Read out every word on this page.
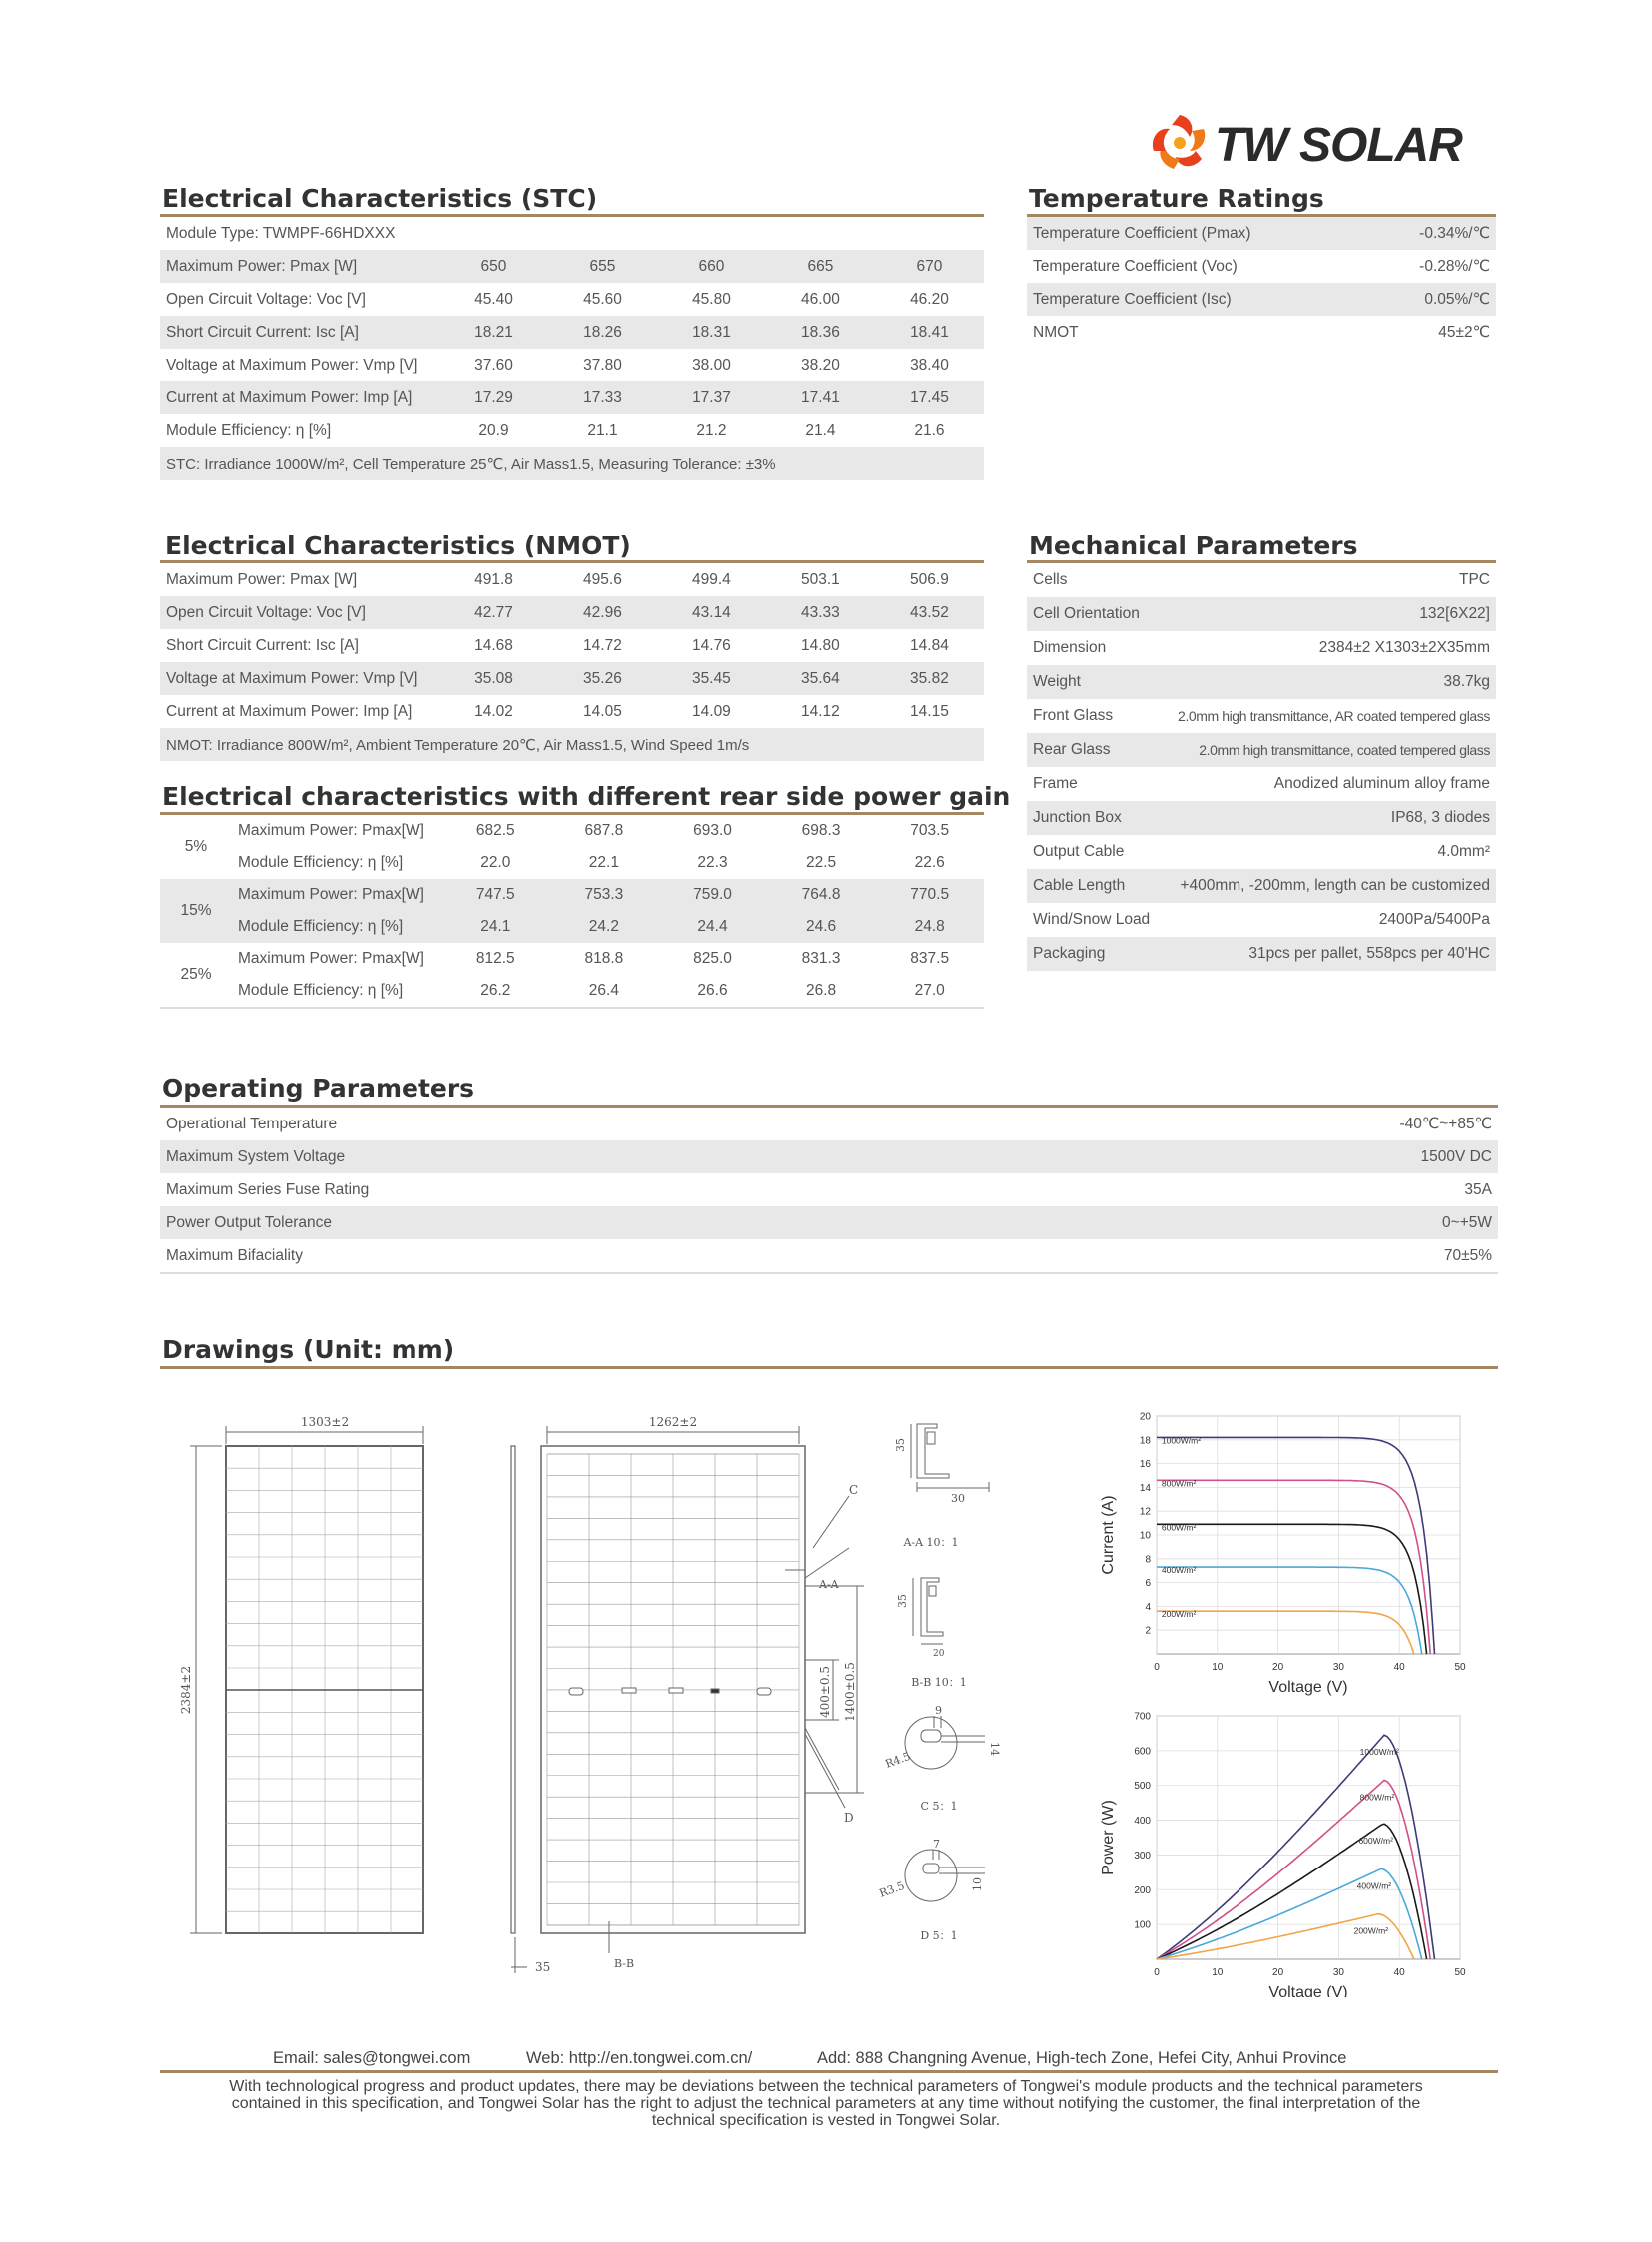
TW SOLAR
Electrical Characteristics (STC)
Module Type: TWMPF-66HDXXX					
Maximum Power: Pmax [W]	650	655	660	665	670
Open Circuit Voltage: Voc [V]	45.40	45.60	45.80	46.00	46.20
Short Circuit Current: Isc [A]	18.21	18.26	18.31	18.36	18.41
Voltage at Maximum Power: Vmp [V]	37.60	37.80	38.00	38.20	38.40
Current at Maximum Power: Imp [A]	17.29	17.33	17.37	17.41	17.45
Module Efficiency: η [%]	20.9	21.1	21.2	21.4	21.6
STC: Irradiance 1000W/m², Cell Temperature 25℃, Air Mass1.5, Measuring Tolerance: ±3%					
Temperature Ratings
Temperature Coefficient (Pmax)	-0.34%/℃
Temperature Coefficient (Voc)	-0.28%/℃
Temperature Coefficient (Isc)	0.05%/℃
NMOT	45±2℃
Electrical Characteristics (NMOT)
Maximum Power: Pmax [W]	491.8	495.6	499.4	503.1	506.9
Open Circuit Voltage: Voc [V]	42.77	42.96	43.14	43.33	43.52
Short Circuit Current: Isc [A]	14.68	14.72	14.76	14.80	14.84
Voltage at Maximum Power: Vmp [V]	35.08	35.26	35.45	35.64	35.82
Current at Maximum Power: Imp [A]	14.02	14.05	14.09	14.12	14.15
NMOT: Irradiance 800W/m², Ambient Temperature 20℃, Air Mass1.5, Wind Speed 1m/s					
Electrical characteristics with different rear side power gain
5%	Maximum Power: Pmax[W]	682.5	687.8	693.0	698.3	703.5
	Module Efficiency: η [%]	22.0	22.1	22.3	22.5	22.6
15%	Maximum Power: Pmax[W]	747.5	753.3	759.0	764.8	770.5
	Module Efficiency: η [%]	24.1	24.2	24.4	24.6	24.8
25%	Maximum Power: Pmax[W]	812.5	818.8	825.0	831.3	837.5
	Module Efficiency: η [%]	26.2	26.4	26.6	26.8	27.0
Mechanical Parameters
Cells	TPC
Cell Orientation	132[6X22]
Dimension	2384±2 X1303±2X35mm
Weight	38.7kg
Front Glass	2.0mm high transmittance, AR coated tempered glass
Rear Glass	2.0mm high transmittance, coated tempered glass
Frame	Anodized aluminum alloy frame
Junction Box	IP68, 3 diodes
Output Cable	4.0mm²
Cable Length	+400mm, -200mm, length can be customized
Wind/Snow Load	2400Pa/5400Pa
Packaging	31pcs per pallet, 558pcs per 40'HC
Operating Parameters
Operational Temperature	-40℃~+85℃
Maximum System Voltage	1500V DC
Maximum Series Fuse Rating	35A
Power Output Tolerance	0~+5W
Maximum Bifaciality	70±5%
Drawings (Unit: mm)
1303±2
2384±2
35
1262±2
400±0.5 1400±0.5
C
D
A-A
B-B
35
30
A-A 10：1
35
20
B-B 10：1
9
14
R4.5
C 5：1
7
10
R3.5
D 5：1
2
4
6
8
10
12
14
16
18
20
0	10	20	30	40	50
Voltage (V)
Current (A)
1000W/m²
800W/m²
600W/m²
400W/m²
200W/m²
100
200
300
400
500
600
700
0	10	20	30	40	50
Voltage (V)
Power (W)
1000W/m²
800W/m²
600W/m²
400W/m²
200W/m²
Email: sales@tongwei.com	Web: http://en.tongwei.com.cn/	Add: 888 Changning Avenue, High-tech Zone, Hefei City, Anhui Province
With technological progress and product updates, there may be deviations between the technical parameters of Tongwei's module products and the technical parameters contained in this specification, and Tongwei Solar has the right to adjust the technical parameters at any time without notifying the customer, the final interpretation of the technical specification is vested in Tongwei Solar.
